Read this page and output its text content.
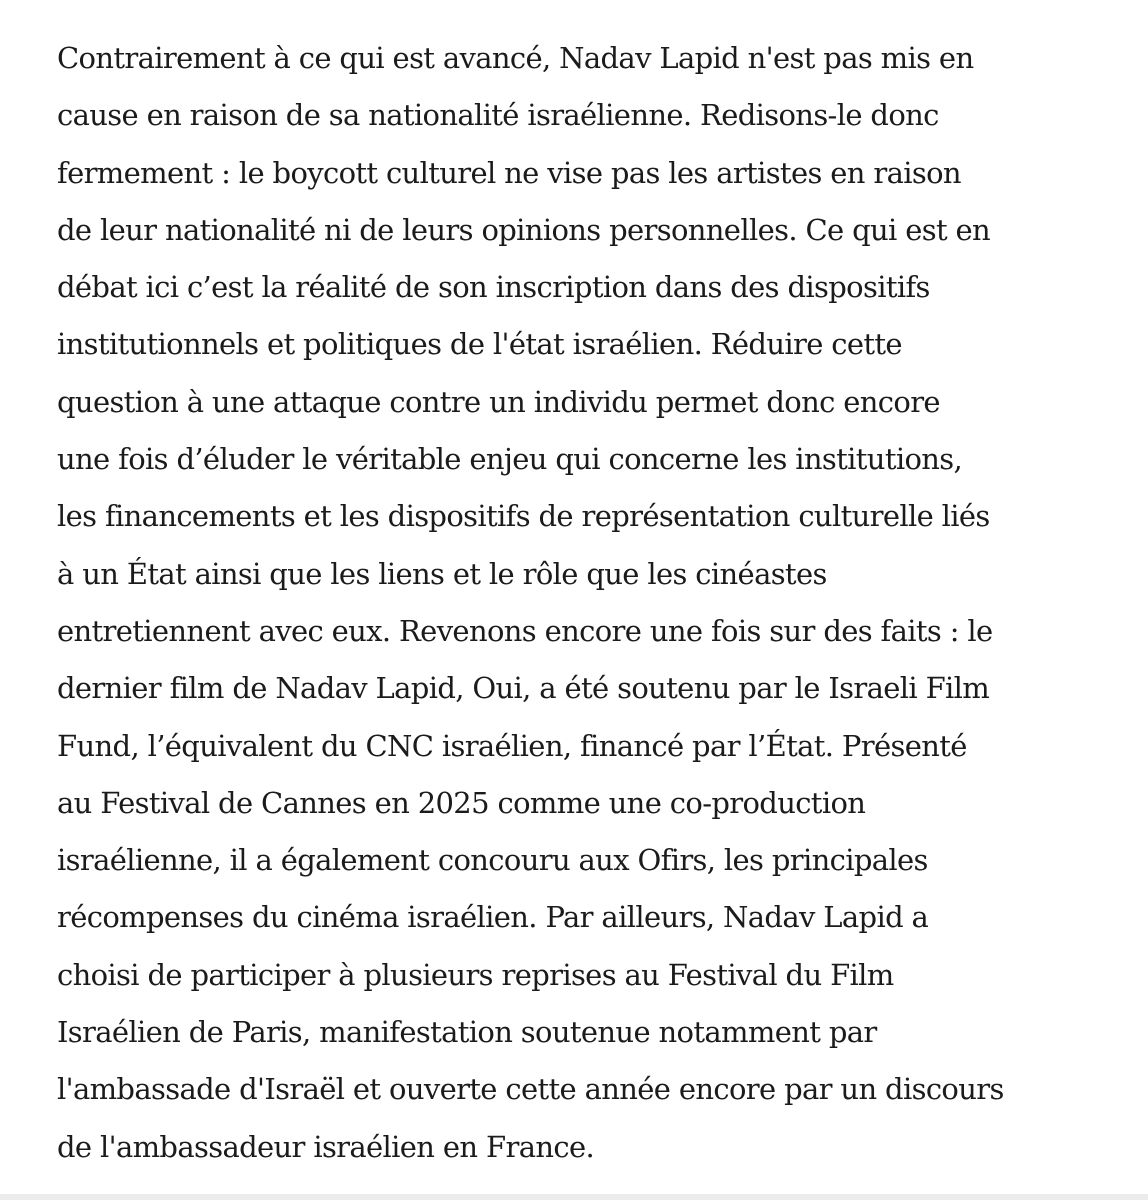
Contrairement à ce qui est avancé, Nadav Lapid n'est pas mis en
cause en raison de sa nationalité israélienne. Redisons-le donc
fermement : le boycott culturel ne vise pas les artistes en raison
de leur nationalité ni de leurs opinions personnelles. Ce qui est en
débat ici c’est la réalité de son inscription dans des dispositifs
institutionnels et politiques de l'état israélien. Réduire cette
question à une attaque contre un individu permet donc encore
une fois d’éluder le véritable enjeu qui concerne les institutions,
les financements et les dispositifs de représentation culturelle liés
à un État ainsi que les liens et le rôle que les cinéastes
entretiennent avec eux. Revenons encore une fois sur des faits : le
dernier film de Nadav Lapid, Oui, a été soutenu par le Israeli Film
Fund, l’équivalent du CNC israélien, financé par l’État. Présenté
au Festival de Cannes en 2025 comme une co-production
israélienne, il a également concouru aux Ofirs, les principales
récompenses du cinéma israélien. Par ailleurs, Nadav Lapid a
choisi de participer à plusieurs reprises au Festival du Film
Israélien de Paris, manifestation soutenue notamment par
l'ambassade d'Israël et ouverte cette année encore par un discours
de l'ambassadeur israélien en France.
